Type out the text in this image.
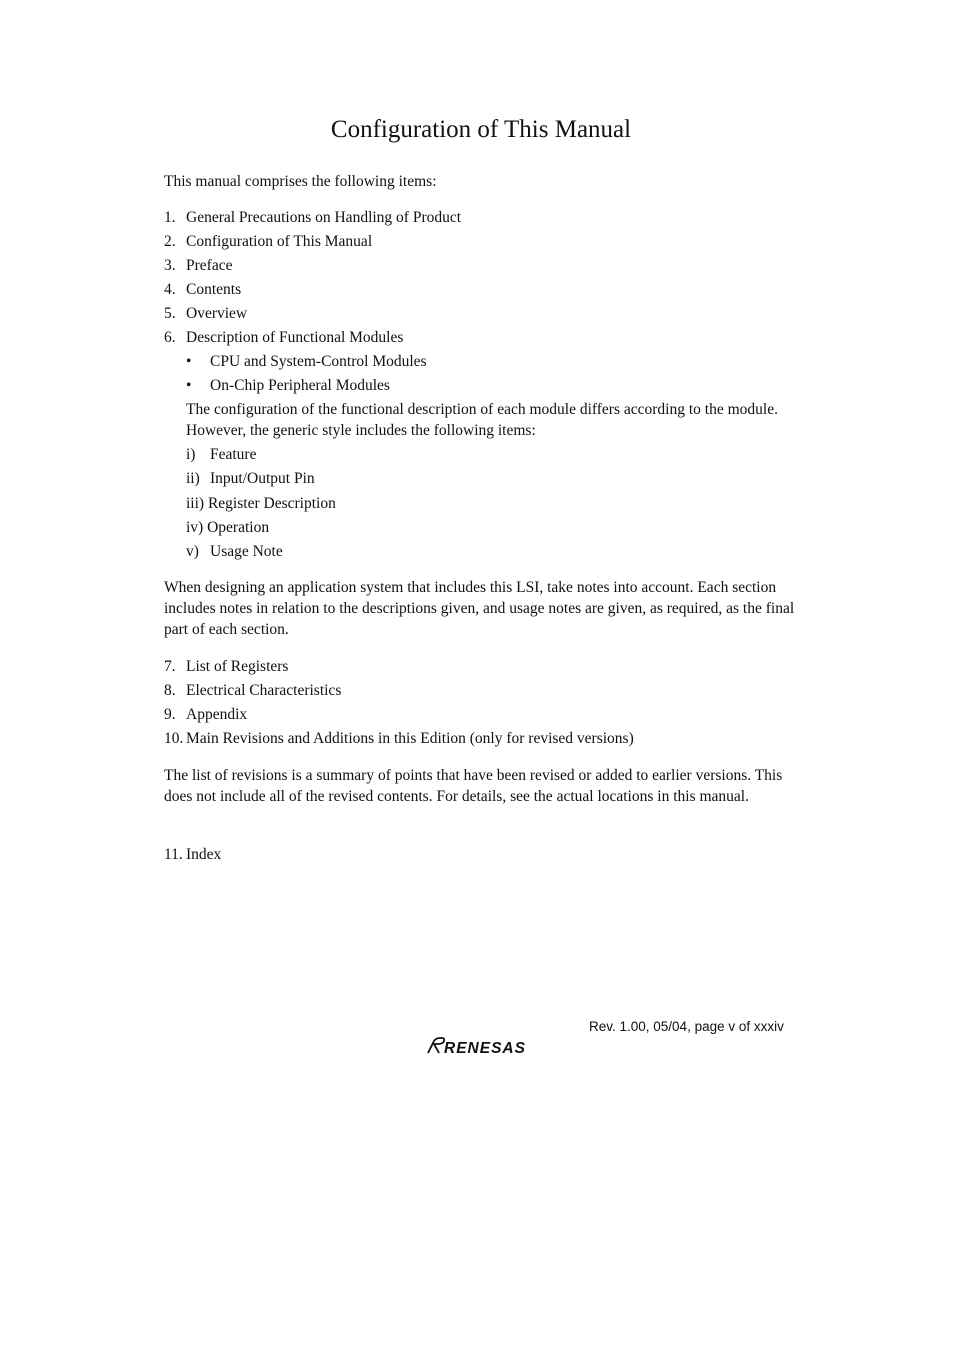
Configuration of This Manual

This manual comprises the following items:

1. General Precautions on Handling of Product
2. Configuration of This Manual
3. Preface
4. Contents
5. Overview
6. Description of Functional Modules
• CPU and System-Control Modules
• On-Chip Peripheral Modules

The configuration of the functional description of each module differs according to the module. However, the generic style includes the following items:

i) Feature
ii) Input/Output Pin
iii) Register Description
iv) Operation
v) Usage Note

When designing an application system that includes this LSI, take notes into account. Each section includes notes in relation to the descriptions given, and usage notes are given, as required, as the final part of each section.

7. List of Registers
8. Electrical Characteristics
9. Appendix
10. Main Revisions and Additions in this Edition (only for revised versions)

The list of revisions is a summary of points that have been revised or added to earlier versions. This does not include all of the revised contents. For details, see the actual locations in this manual.

11. Index
Rev. 1.00, 05/04, page v of xxxiv
RENESAS
